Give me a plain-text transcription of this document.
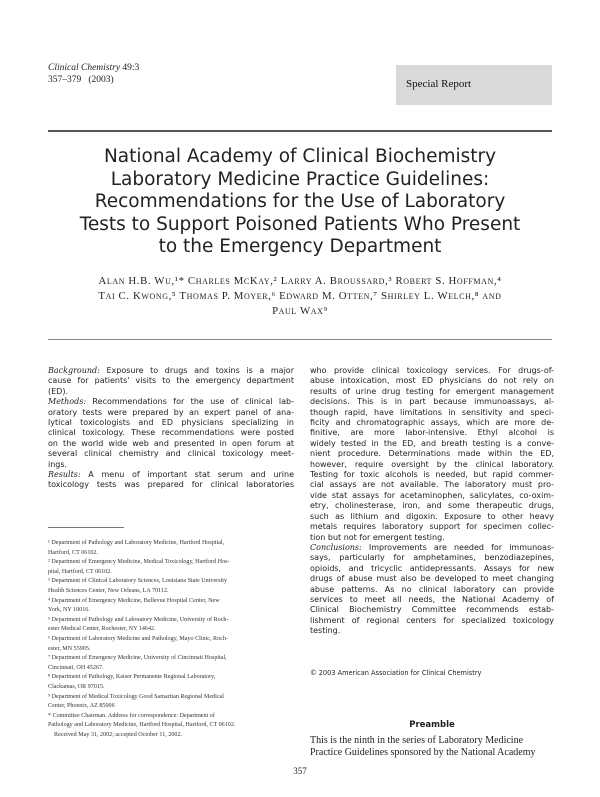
Clinical Chemistry 49:3
357–379   (2003)	Special Report
National Academy of Clinical Biochemistry
Laboratory Medicine Practice Guidelines:
Recommendations for the Use of Laboratory
Tests to Support Poisoned Patients Who Present
to the Emergency Department
Alan H.B. Wu,¹* Charles McKay,² Larry A. Broussard,³ Robert S. Hoffman,⁴
Tai C. Kwong,⁵ Thomas P. Moyer,⁶ Edward M. Otten,⁷ Shirley L. Welch,⁸ and
Paul Wax⁹
Background: Exposure to drugs and toxins is a major
cause for patients' visits to the emergency department
(ED).
Methods: Recommendations for the use of clinical lab-
oratory tests were prepared by an expert panel of ana-
lytical toxicologists and ED physicians specializing in
clinical toxicology. These recommendations were posted
on the world wide web and presented in open forum at
several clinical chemistry and clinical toxicology meet-
ings.
Results: A menu of important stat serum and urine
toxicology tests was prepared for clinical laboratories
¹ Department of Pathology and Laboratory Medicine, Hartford Hospital,
Hartford, CT 06102.
² Department of Emergency Medicine, Medical Toxicology, Hartford Hos-
pital, Hartford, CT 06102.
³ Department of Clinical Laboratory Sciences, Louisiana State University
Health Sciences Center, New Orleans, LA 70112.
⁴ Department of Emergency Medicine, Bellevue Hospital Center, New
York, NY 10016.
⁵ Department of Pathology and Laboratory Medicine, University of Roch-
ester Medical Center, Rochester, NY 14642.
⁶ Department of Laboratory Medicine and Pathology, Mayo Clinic, Roch-
ester, MN 55905.
⁷ Department of Emergency Medicine, University of Cincinnati Hospital,
Cincinnati, OH 45267.
⁸ Department of Pathology, Kaiser Permanente Regional Laboratory,
Clackamas, OR 97015.
⁹ Department of Medical Toxicology Good Samaritan Regional Medical
Center, Phoenix, AZ 85006
* Committee Chairman. Address for correspondence: Department of
Pathology and Laboratory Medicine, Hartford Hospital, Hartford, CT 06102.
Received May 31, 2002; accepted October 11, 2002.
who provide clinical toxicology services. For drugs-of-
abuse intoxication, most ED physicians do not rely on
results of urine drug testing for emergent management
decisions. This is in part because immunoassays, al-
though rapid, have limitations in sensitivity and speci-
ficity and chromatographic assays, which are more de-
finitive, are more labor-intensive. Ethyl alcohol is
widely tested in the ED, and breath testing is a conve-
nient procedure. Determinations made within the ED,
however, require oversight by the clinical laboratory.
Testing for toxic alcohols is needed, but rapid commer-
cial assays are not available. The laboratory must pro-
vide stat assays for acetaminophen, salicylates, co-oxim-
etry, cholinesterase, iron, and some therapeutic drugs,
such as lithium and digoxin. Exposure to other heavy
metals requires laboratory support for specimen collec-
tion but not for emergent testing.
Conclusions: Improvements are needed for immunoas-
says, particularly for amphetamines, benzodiazepines,
opioids, and tricyclic antidepressants. Assays for new
drugs of abuse must also be developed to meet changing
abuse patterns. As no clinical laboratory can provide
services to meet all needs, the National Academy of
Clinical Biochemistry Committee recommends estab-
lishment of regional centers for specialized toxicology
testing.
© 2003 American Association for Clinical Chemistry
Preamble
This is the ninth in the series of Laboratory Medicine
Practice Guidelines sponsored by the National Academy
357
